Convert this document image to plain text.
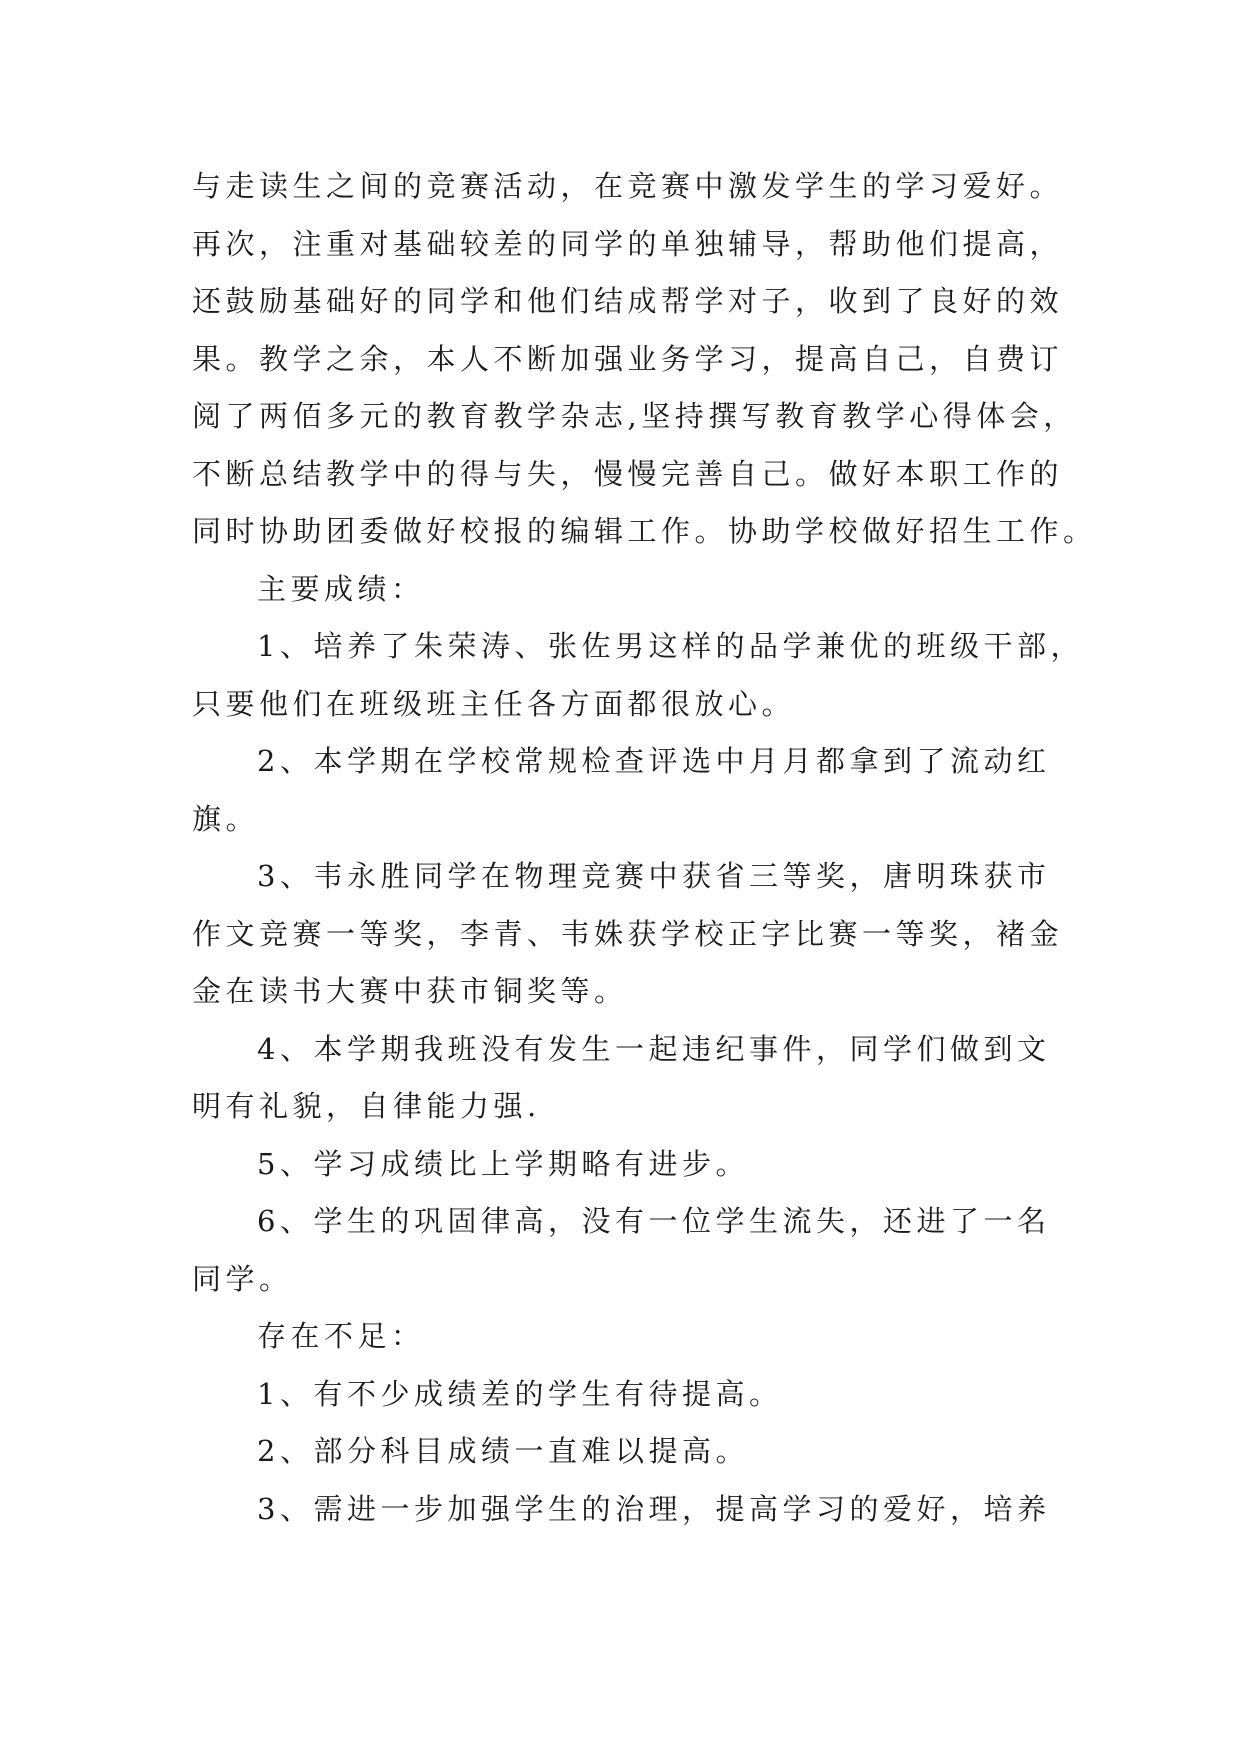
与走读生之间的竞赛活动，在竞赛中激发学生的学习爱好。
再次，注重对基础较差的同学的单独辅导，帮助他们提高，
还鼓励基础好的同学和他们结成帮学对子，收到了良好的效
果。教学之余，本人不断加强业务学习，提高自己，自费订
阅了两佰多元的教育教学杂志,坚持撰写教育教学心得体会，
不断总结教学中的得与失，慢慢完善自己。做好本职工作的
同时协助团委做好校报的编辑工作。协助学校做好招生工作。
主要成绩：
1、培养了朱荣涛、张佐男这样的品学兼优的班级干部，
只要他们在班级班主任各方面都很放心。
2、本学期在学校常规检查评选中月月都拿到了流动红
旗。
3、韦永胜同学在物理竞赛中获省三等奖，唐明珠获市
作文竞赛一等奖，李青、韦姝获学校正字比赛一等奖，褚金
金在读书大赛中获市铜奖等。
4、本学期我班没有发生一起违纪事件，同学们做到文
明有礼貌，自律能力强.
5、学习成绩比上学期略有进步。
6、学生的巩固律高，没有一位学生流失，还进了一名
同学。
存在不足：
1、有不少成绩差的学生有待提高。
2、部分科目成绩一直难以提高。
3、需进一步加强学生的治理，提高学习的爱好，培养
